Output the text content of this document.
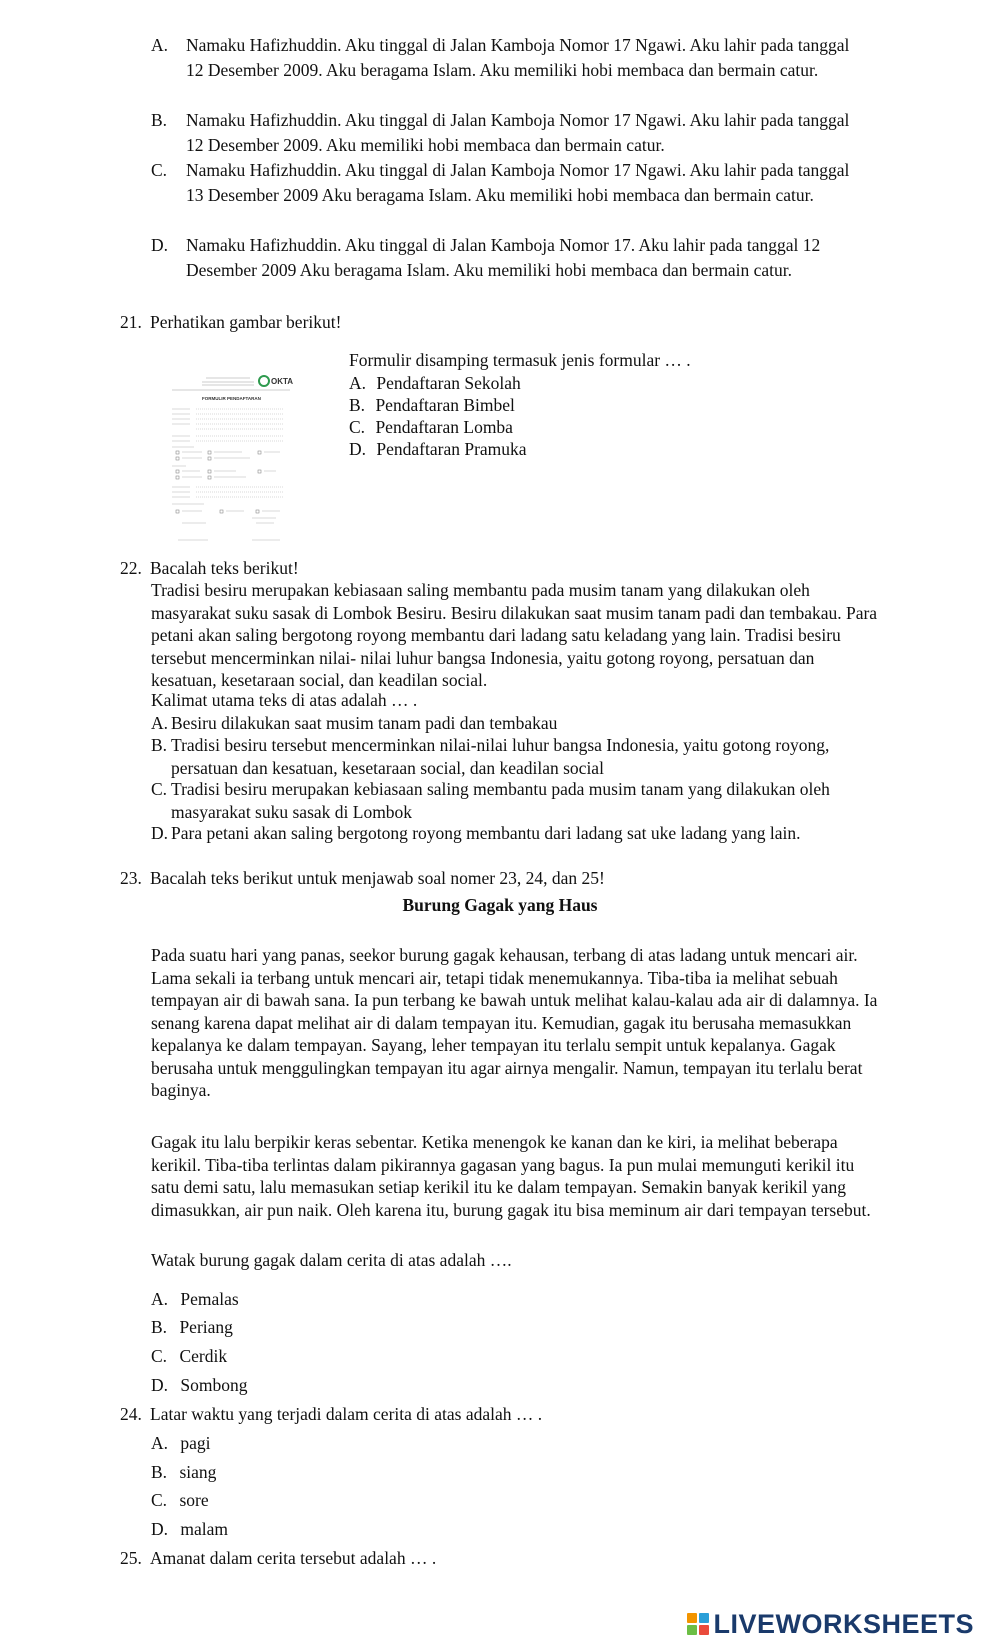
A. Namaku Hafizhuddin. Aku tinggal di Jalan Kamboja Nomor 17 Ngawi. Aku lahir pada tanggal 12 Desember 2009. Aku beragama Islam. Aku memiliki hobi membaca dan bermain catur.
B. Namaku Hafizhuddin. Aku tinggal di Jalan Kamboja Nomor 17 Ngawi. Aku lahir pada tanggal 12 Desember 2009. Aku memiliki hobi membaca dan bermain catur.
C. Namaku Hafizhuddin. Aku tinggal di Jalan Kamboja Nomor 17 Ngawi. Aku lahir pada tanggal 13 Desember 2009 Aku beragama Islam. Aku memiliki hobi membaca dan bermain catur.
D. Namaku Hafizhuddin. Aku tinggal di Jalan Kamboja Nomor 17. Aku lahir pada tanggal 12 Desember 2009 Aku beragama Islam. Aku memiliki hobi membaca dan bermain catur.
21. Perhatikan gambar berikut!
OKTA
FORMULIR PENDAFTARAN
Formulir disamping termasuk jenis formular … .
A. Pendaftaran Sekolah
B. Pendaftaran Bimbel
C. Pendaftaran Lomba
D. Pendaftaran Pramuka
22. Bacalah teks berikut!
Tradisi besiru merupakan kebiasaan saling membantu pada musim tanam yang dilakukan oleh masyarakat suku sasak di Lombok Besiru. Besiru dilakukan saat musim tanam padi dan tembakau. Para petani akan saling bergotong royong membantu dari ladang satu keladang yang lain. Tradisi besiru tersebut mencerminkan nilai- nilai luhur bangsa Indonesia, yaitu gotong royong, persatuan dan kesatuan, kesetaraan social, dan keadilan social.
Kalimat utama teks di atas adalah … .
A. Besiru dilakukan saat musim tanam padi dan tembakau
B. Tradisi besiru tersebut mencerminkan nilai-nilai luhur bangsa Indonesia, yaitu gotong royong, persatuan dan kesatuan, kesetaraan social, dan keadilan social
C. Tradisi besiru merupakan kebiasaan saling membantu pada musim tanam yang dilakukan oleh masyarakat suku sasak di Lombok
D. Para petani akan saling bergotong royong membantu dari ladang sat uke ladang yang lain.
23. Bacalah teks berikut untuk menjawab soal nomer 23, 24, dan 25!
Burung Gagak yang Haus
Pada suatu hari yang panas, seekor burung gagak kehausan, terbang di atas ladang untuk mencari air. Lama sekali ia terbang untuk mencari air, tetapi tidak menemukannya. Tiba-tiba ia melihat sebuah tempayan air di bawah sana. Ia pun terbang ke bawah untuk melihat kalau-kalau ada air di dalamnya. Ia senang karena dapat melihat air di dalam tempayan itu. Kemudian, gagak itu berusaha memasukkan kepalanya ke dalam tempayan. Sayang, leher tempayan itu terlalu sempit untuk kepalanya. Gagak berusaha untuk menggulingkan tempayan itu agar airnya mengalir. Namun, tempayan itu terlalu berat baginya.
Gagak itu lalu berpikir keras sebentar. Ketika menengok ke kanan dan ke kiri, ia melihat beberapa kerikil. Tiba-tiba terlintas dalam pikirannya gagasan yang bagus. Ia pun mulai memunguti kerikil itu satu demi satu, lalu memasukan setiap kerikil itu ke dalam tempayan. Semakin banyak kerikil yang dimasukkan, air pun naik. Oleh karena itu, burung gagak itu bisa meminum air dari tempayan tersebut.
Watak burung gagak dalam cerita di atas adalah ….
A. Pemalas
B. Periang
C. Cerdik
D. Sombong
24. Latar waktu yang terjadi dalam cerita di atas adalah … .
A. pagi
B. siang
C. sore
D. malam
25. Amanat dalam cerita tersebut adalah … .
LIVEWORKSHEETS
